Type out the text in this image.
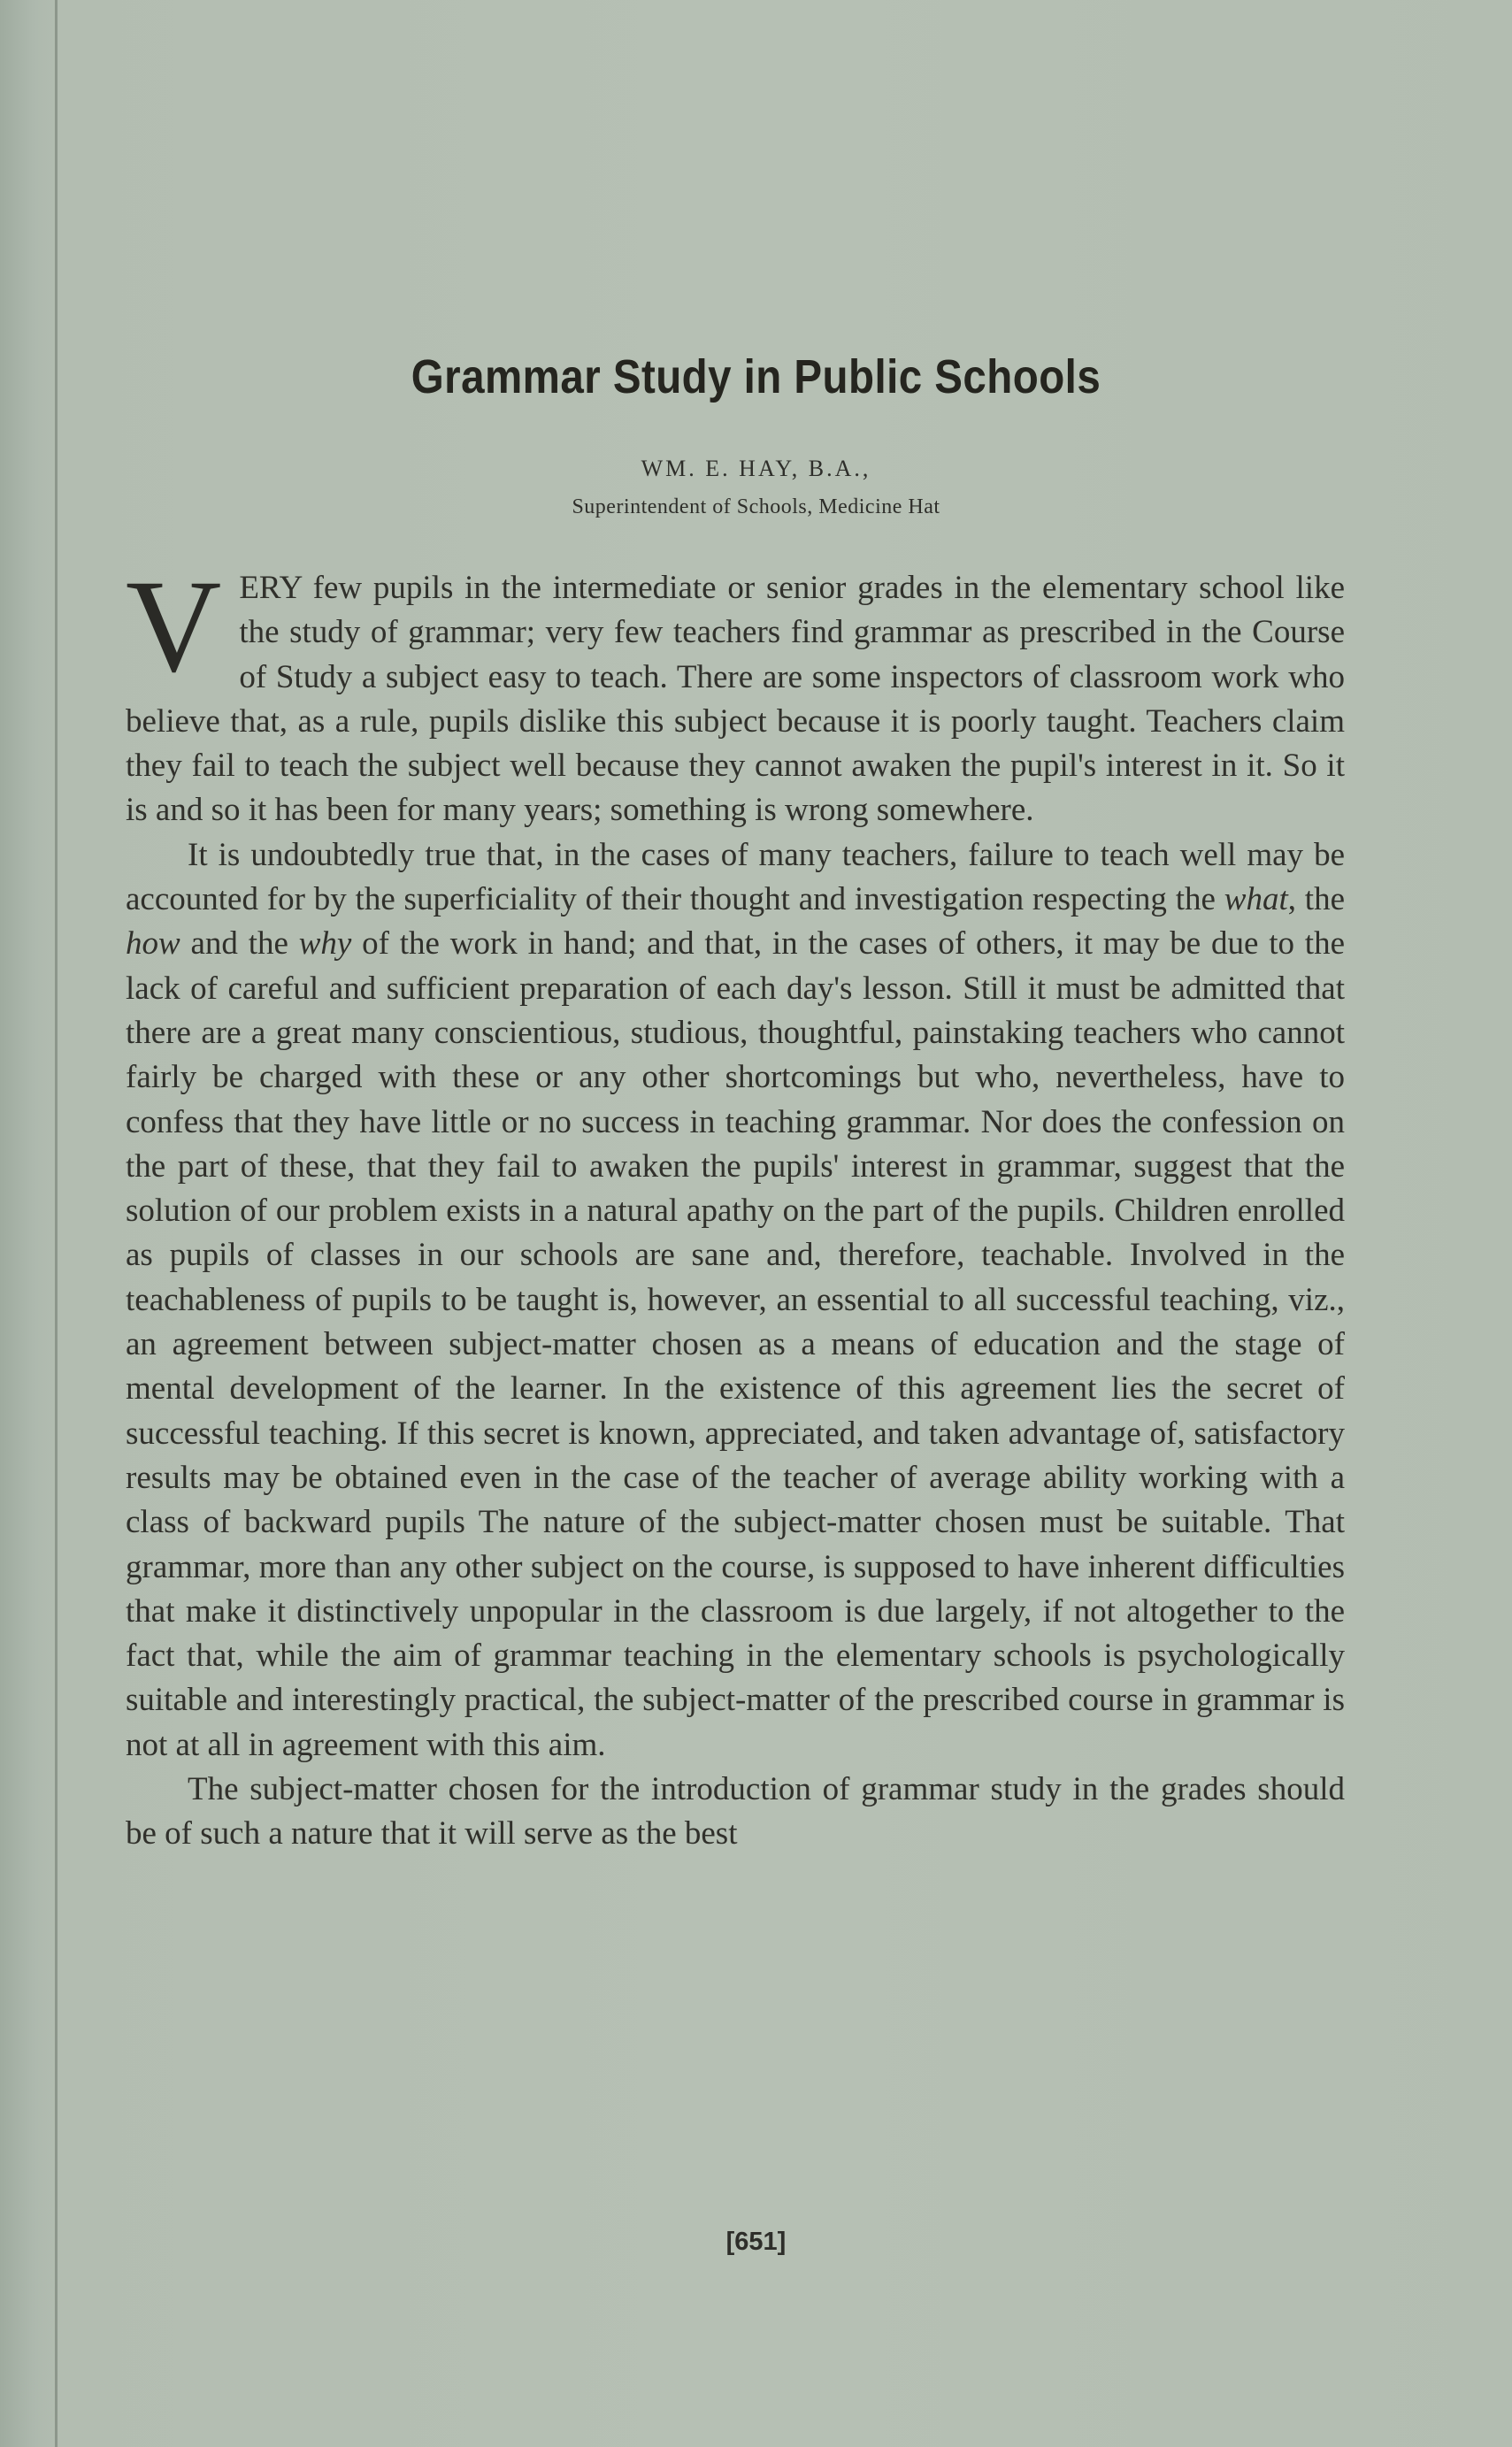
Grammar Study in Public Schools
WM. E. HAY, B.A.,
Superintendent of Schools, Medicine Hat

VERY few pupils in the intermediate or senior grades in the elementary school like the study of grammar; very few teachers find grammar as prescribed in the Course of Study a subject easy to teach. There are some inspectors of classroom work who believe that, as a rule, pupils dislike this subject because it is poorly taught. Teachers claim they fail to teach the subject well because they cannot awaken the pupil's interest in it. So it is and so it has been for many years; something is wrong somewhere.

It is undoubtedly true that, in the cases of many teachers, failure to teach well may be accounted for by the superficiality of their thought and investigation respecting the what, the how and the why of the work in hand; and that, in the cases of others, it may be due to the lack of careful and sufficient preparation of each day's lesson. Still it must be admitted that there are a great many conscientious, studious, thoughtful, painstaking teachers who cannot fairly be charged with these or any other shortcomings but who, nevertheless, have to confess that they have little or no success in teaching grammar. Nor does the confession on the part of these, that they fail to awaken the pupils' interest in grammar, suggest that the solution of our problem exists in a natural apathy on the part of the pupils. Children enrolled as pupils of classes in our schools are sane and, therefore, teachable. Involved in the teachableness of pupils to be taught is, however, an essential to all successful teaching, viz., an agreement between subject-matter chosen as a means of education and the stage of mental development of the learner. In the existence of this agreement lies the secret of successful teaching. If this secret is known, appreciated, and taken advantage of, satisfactory results may be obtained even in the case of the teacher of average ability working with a class of backward pupils The nature of the subject-matter chosen must be suitable. That grammar, more than any other subject on the course, is supposed to have inherent difficulties that make it distinctively unpopular in the classroom is due largely, if not altogether to the fact that, while the aim of grammar teaching in the elementary schools is psychologically suitable and interestingly practical, the subject-matter of the prescribed course in grammar is not at all in agreement with this aim.

The subject-matter chosen for the introduction of grammar study in the grades should be of such a nature that it will serve as the best

[651]
